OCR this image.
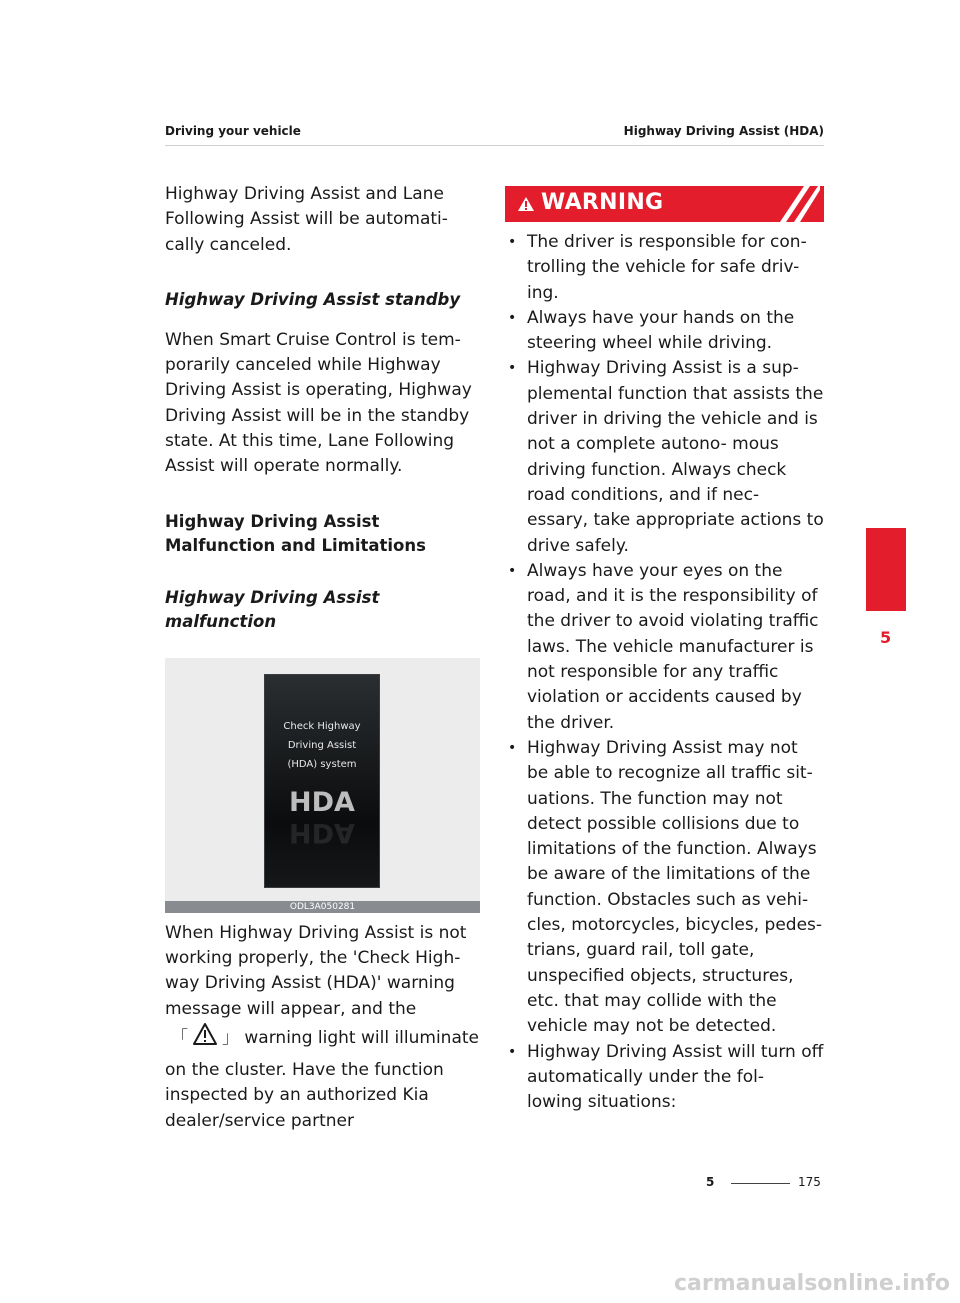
Driving your vehicle	Highway Driving Assist (HDA)

Highway Driving Assist and Lane Following Assist will be automati- cally canceled.

Highway Driving Assist standby

When Smart Cruise Control is tem- porarily canceled while Highway Driving Assist is operating, Highway Driving Assist will be in the standby state. At this time, Lane Following Assist will operate normally.

Highway Driving Assist Malfunction and Limitations

Highway Driving Assist malfunction

Check Highway
Driving Assist
(HDA) system
HDA
HDA
ODL3A050281

When Highway Driving Assist is not working properly, the 'Check High- way Driving Assist (HDA)' warning message will appear, and the
「 」 warning light will illuminate
on the cluster. Have the function inspected by an authorized Kia dealer/service partner

WARNING
• The driver is responsible for con- trolling the vehicle for safe driv- ing.
• Always have your hands on the steering wheel while driving.
• Highway Driving Assist is a sup- plemental function that assists the driver in driving the vehicle and is not a complete autono- mous driving function. Always check road conditions, and if nec- essary, take appropriate actions to drive safely.
• Always have your eyes on the road, and it is the responsibility of the driver to avoid violating traffic laws. The vehicle manufacturer is not responsible for any traffic violation or accidents caused by the driver.
• Highway Driving Assist may not be able to recognize all traffic sit- uations. The function may not detect possible collisions due to limitations of the function. Always be aware of the limitations of the function. Obstacles such as vehi- cles, motorcycles, bicycles, pedes- trians, guard rail, toll gate, unspecified objects, structures, etc. that may collide with the vehicle may not be detected.
• Highway Driving Assist will turn off automatically under the fol- lowing situations:
5
5	175
carmanualsonline.info
